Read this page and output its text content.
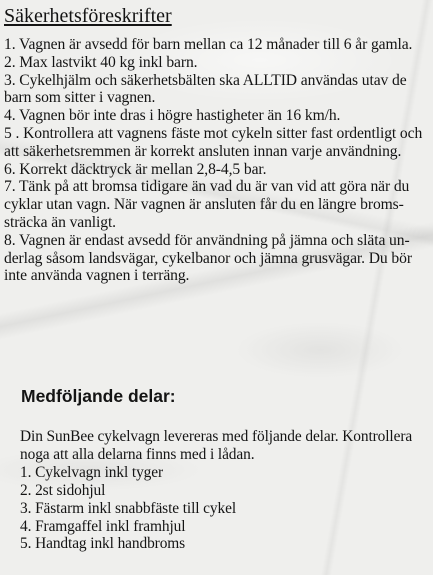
Säkerhetsföreskrifter
1. Vagnen är avsedd för barn mellan ca 12 månader till 6 år gamla.
2. Max lastvikt 40 kg inkl barn.
3. Cykelhjälm och säkerhetsbälten ska ALLTID användas utav de
barn som sitter i vagnen.
4. Vagnen bör inte dras i högre hastigheter än 16 km/h.
5 . Kontrollera att vagnens fäste mot cykeln sitter fast ordentligt och
att säkerhetsremmen är korrekt ansluten innan varje användning.
6. Korrekt däcktryck är mellan 2,8-4,5 bar.
7. Tänk på att bromsa tidigare än vad du är van vid att göra när du
cyklar utan vagn. När vagnen är ansluten får du en längre broms-
sträcka än vanligt.
8. Vagnen är endast avsedd för användning på jämna och släta un-
derlag såsom landsvägar, cykelbanor och jämna grusvägar. Du bör
inte använda vagnen i terräng.
Medföljande delar:
Din SunBee cykelvagn levereras med följande delar. Kontrollera
noga att alla delarna finns med i lådan.
1. Cykelvagn inkl tyger
2. 2st sidohjul
3. Fästarm inkl snabbfäste till cykel
4. Framgaffel inkl framhjul
5. Handtag inkl handbroms
